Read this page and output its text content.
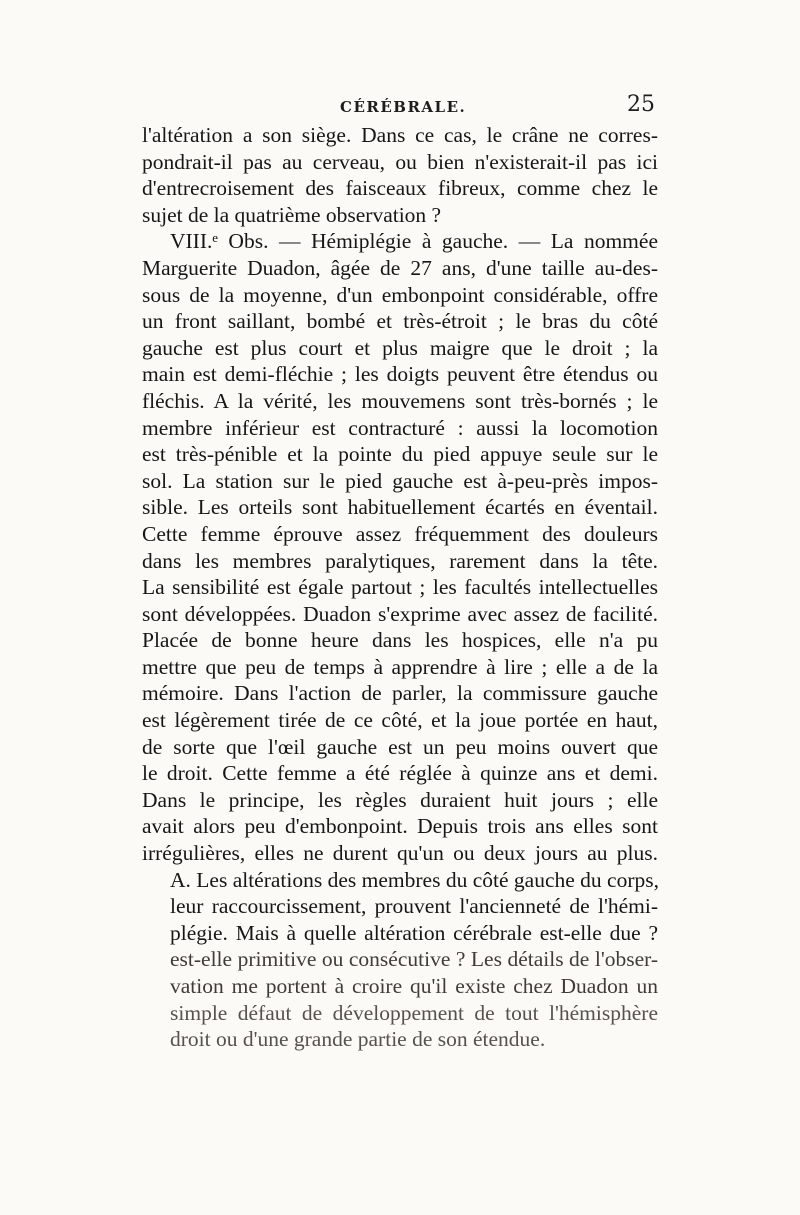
CÉRÉBRALE.	25
l'altération a son siège. Dans ce cas, le crâne ne corres-
pondrait-il pas au cerveau, ou bien n'existerait-il pas ici
d'entrecroisement des faisceaux fibreux, comme chez le
sujet de la quatrième observation ?
VIII.ᵉ Obs. — Hémiplégie à gauche. — La nommée
Marguerite Duadon, âgée de 27 ans, d'une taille au-des-
sous de la moyenne, d'un embonpoint considérable, offre
un front saillant, bombé et très-étroit ; le bras du côté
gauche est plus court et plus maigre que le droit ; la
main est demi-fléchie ; les doigts peuvent être étendus ou
fléchis. A la vérité, les mouvemens sont très-bornés ; le
membre inférieur est contracturé : aussi la locomotion
est très-pénible et la pointe du pied appuye seule sur le
sol. La station sur le pied gauche est à-peu-près impos-
sible. Les orteils sont habituellement écartés en éventail.
Cette femme éprouve assez fréquemment des douleurs
dans les membres paralytiques, rarement dans la tête.
La sensibilité est égale partout ; les facultés intellectuelles
sont développées. Duadon s'exprime avec assez de facilité.
Placée de bonne heure dans les hospices, elle n'a pu
mettre que peu de temps à apprendre à lire ; elle a de la
mémoire. Dans l'action de parler, la commissure gauche
est légèrement tirée de ce côté, et la joue portée en haut,
de sorte que l'œil gauche est un peu moins ouvert que
le droit. Cette femme a été réglée à quinze ans et demi.
Dans le principe, les règles duraient huit jours ; elle
avait alors peu d'embonpoint. Depuis trois ans elles sont
irrégulières, elles ne durent qu'un ou deux jours au plus.
A. Les altérations des membres du côté gauche du corps,
leur raccourcissement, prouvent l'ancienneté de l'hémi-
plégie. Mais à quelle altération cérébrale est-elle due ?
est-elle primitive ou consécutive ? Les détails de l'obser-
vation me portent à croire qu'il existe chez Duadon un
simple défaut de développement de tout l'hémisphère
droit ou d'une grande partie de son étendue.
